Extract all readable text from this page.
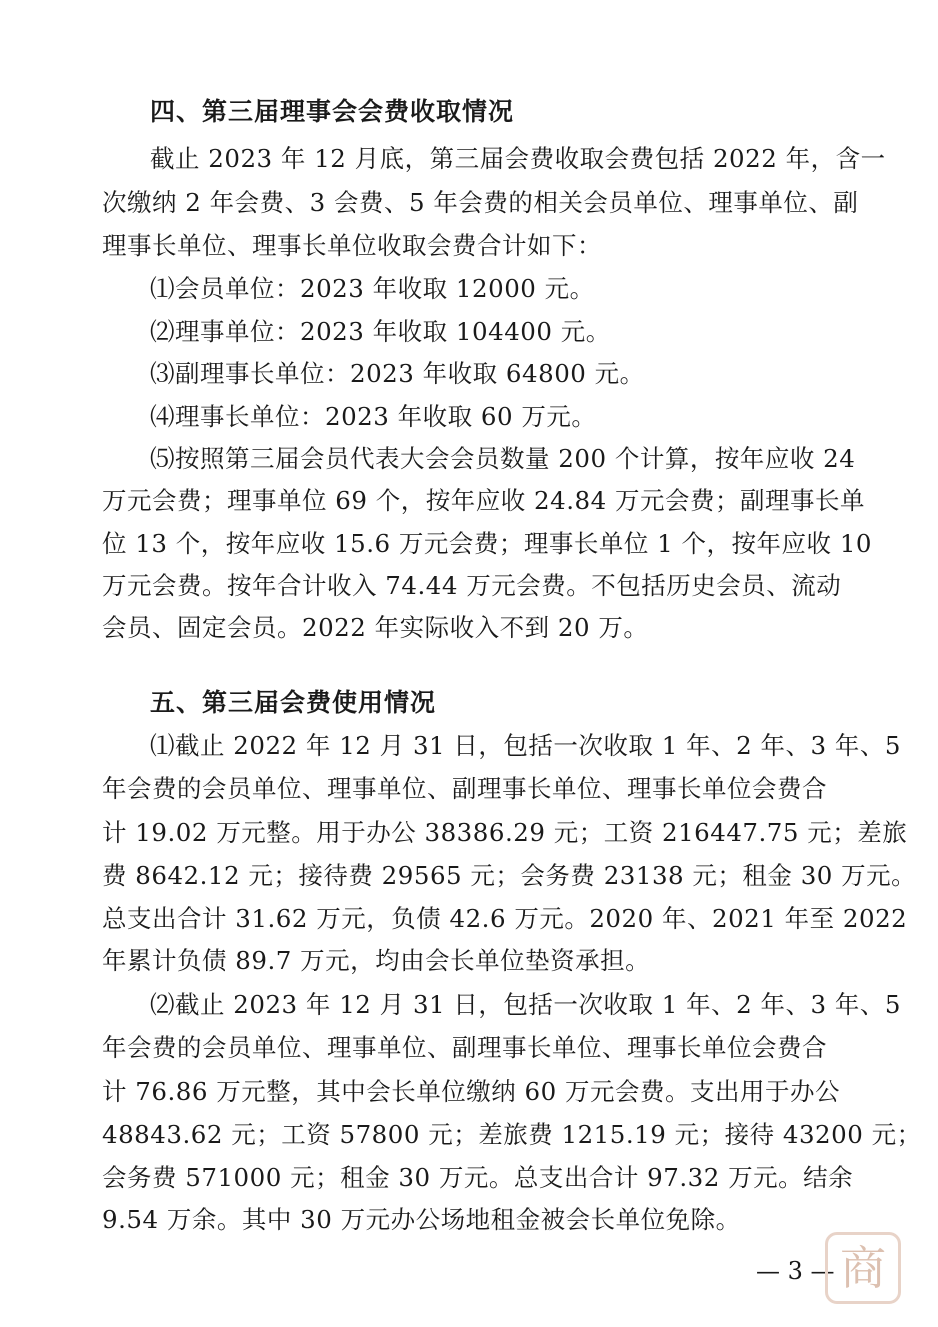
四、第三届理事会会费收取情况
截止 2023 年 12 月底，第三届会费收取会费包括 2022 年，含一
次缴纳 2 年会费、3 会费、5 年会费的相关会员单位、理事单位、副
理事长单位、理事长单位收取会费合计如下：
⑴会员单位：2023 年收取 12000 元。
⑵理事单位：2023 年收取 104400 元。
⑶副理事长单位：2023 年收取 64800 元。
⑷理事长单位：2023 年收取 60 万元。
⑸按照第三届会员代表大会会员数量 200 个计算，按年应收 24
万元会费；理事单位 69 个，按年应收 24.84 万元会费；副理事长单
位 13 个，按年应收 15.6 万元会费；理事长单位 1 个，按年应收 10
万元会费。按年合计收入 74.44 万元会费。不包括历史会员、流动
会员、固定会员。2022 年实际收入不到 20 万。
五、第三届会费使用情况
⑴截止 2022 年 12 月 31 日，包括一次收取 1 年、2 年、3 年、5
年会费的会员单位、理事单位、副理事长单位、理事长单位会费合
计 19.02 万元整。用于办公 38386.29 元；工资 216447.75 元；差旅
费 8642.12 元；接待费 29565 元；会务费 23138 元；租金 30 万元。
总支出合计 31.62 万元，负债 42.6 万元。2020 年、2021 年至 2022
年累计负债 89.7 万元，均由会长单位垫资承担。
⑵截止 2023 年 12 月 31 日，包括一次收取 1 年、2 年、3 年、5
年会费的会员单位、理事单位、副理事长单位、理事长单位会费合
计 76.86 万元整，其中会长单位缴纳 60 万元会费。支出用于办公
48843.62 元；工资 57800 元；差旅费 1215.19 元；接待 43200 元；
会务费 571000 元；租金 30 万元。总支出合计 97.32 万元。结余
9.54 万余。其中 30 万元办公场地租金被会长单位免除。
— 3 — 商
